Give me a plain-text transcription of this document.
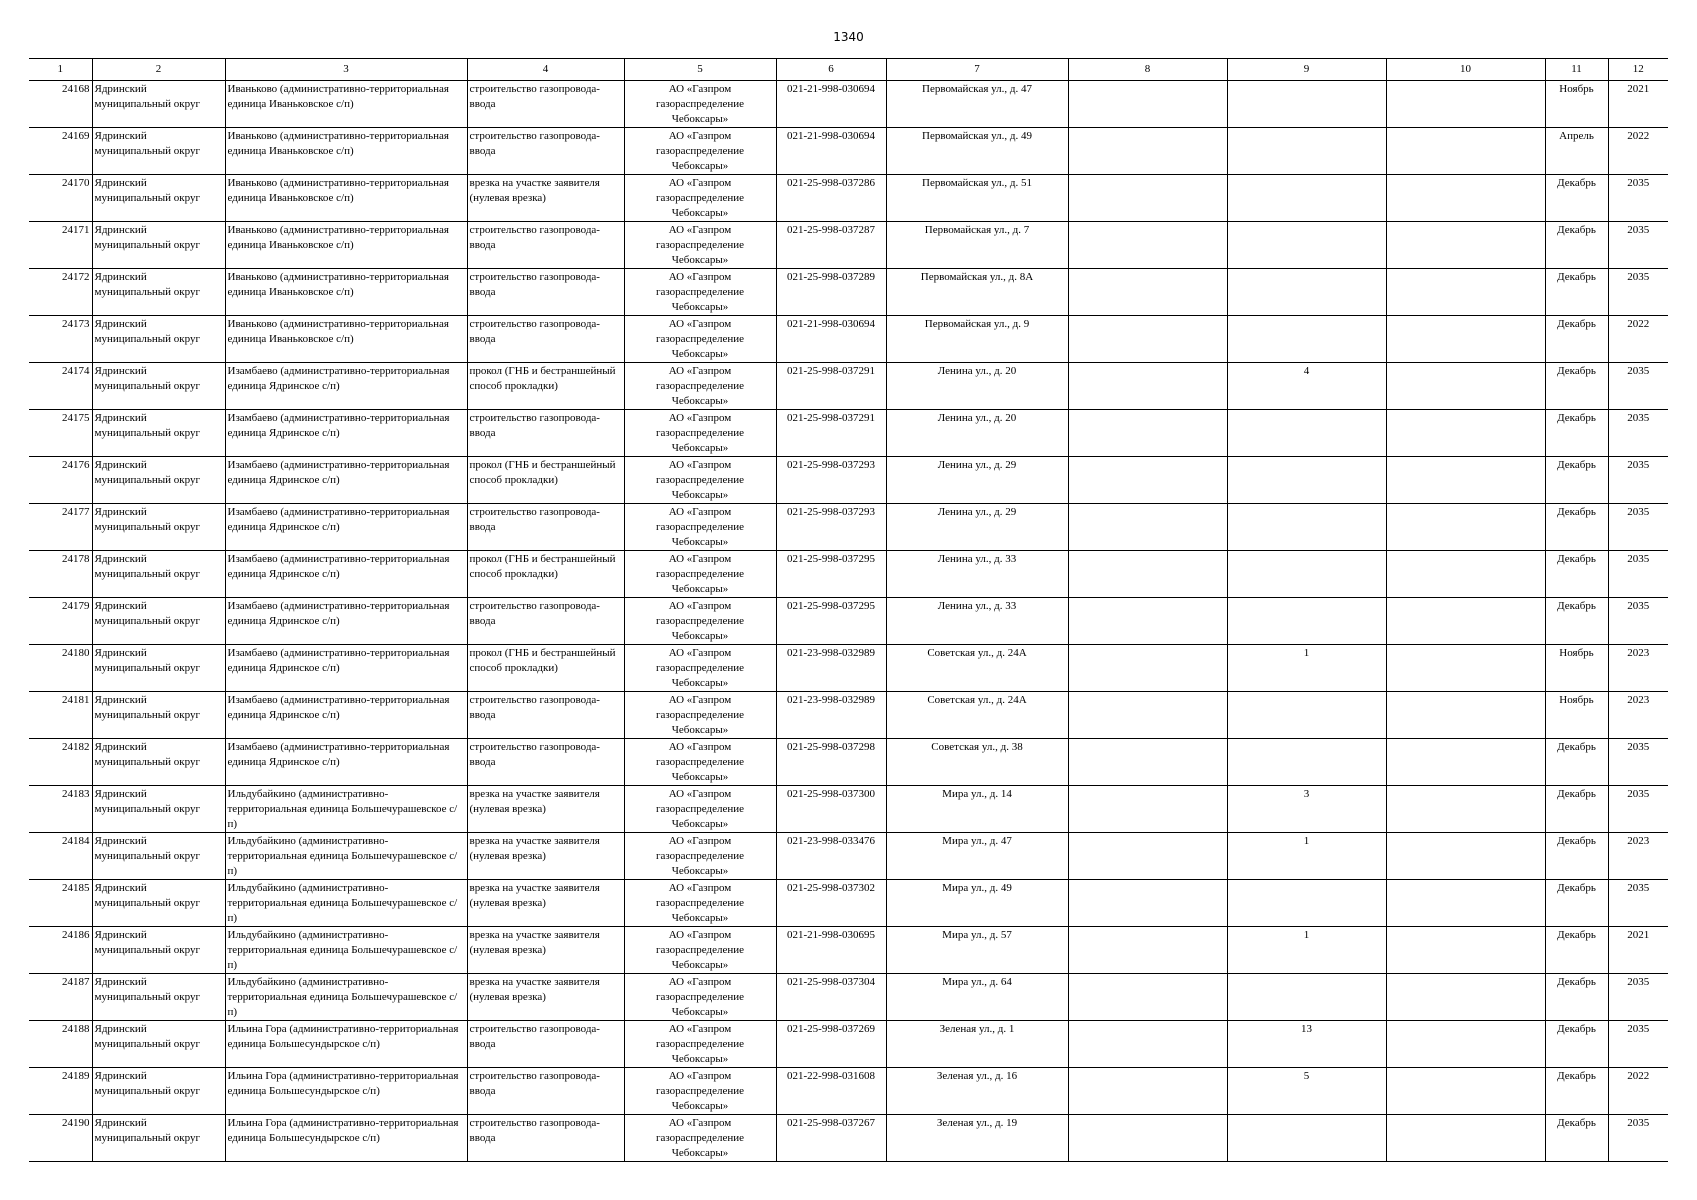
1340
1	2	3	4	5	6	7	8	9	10	11	12
24168	Ядринский муниципальный округ	Иваньково (административно-территориальная единица Иваньковское с/п)	строительство газопровода-ввода	АО «Газпром газораспределение Чебоксары»	021-21-998-030694	Первомайская ул., д. 47				Ноябрь	2021
24169	Ядринский муниципальный округ	Иваньково (административно-территориальная единица Иваньковское с/п)	строительство газопровода-ввода	АО «Газпром газораспределение Чебоксары»	021-21-998-030694	Первомайская ул., д. 49				Апрель	2022
24170	Ядринский муниципальный округ	Иваньково (административно-территориальная единица Иваньковское с/п)	врезка на участке заявителя (нулевая врезка)	АО «Газпром газораспределение Чебоксары»	021-25-998-037286	Первомайская ул., д. 51				Декабрь	2035
24171	Ядринский муниципальный округ	Иваньково (административно-территориальная единица Иваньковское с/п)	строительство газопровода-ввода	АО «Газпром газораспределение Чебоксары»	021-25-998-037287	Первомайская ул., д. 7				Декабрь	2035
24172	Ядринский муниципальный округ	Иваньково (административно-территориальная единица Иваньковское с/п)	строительство газопровода-ввода	АО «Газпром газораспределение Чебоксары»	021-25-998-037289	Первомайская ул., д. 8А				Декабрь	2035
24173	Ядринский муниципальный округ	Иваньково (административно-территориальная единица Иваньковское с/п)	строительство газопровода-ввода	АО «Газпром газораспределение Чебоксары»	021-21-998-030694	Первомайская ул., д. 9				Декабрь	2022
24174	Ядринский муниципальный округ	Изамбаево (административно-территориальная единица Ядринское с/п)	прокол (ГНБ и бестраншейный способ прокладки)	АО «Газпром газораспределение Чебоксары»	021-25-998-037291	Ленина ул., д. 20		4		Декабрь	2035
24175	Ядринский муниципальный округ	Изамбаево (административно-территориальная единица Ядринское с/п)	строительство газопровода-ввода	АО «Газпром газораспределение Чебоксары»	021-25-998-037291	Ленина ул., д. 20				Декабрь	2035
24176	Ядринский муниципальный округ	Изамбаево (административно-территориальная единица Ядринское с/п)	прокол (ГНБ и бестраншейный способ прокладки)	АО «Газпром газораспределение Чебоксары»	021-25-998-037293	Ленина ул., д. 29				Декабрь	2035
24177	Ядринский муниципальный округ	Изамбаево (административно-территориальная единица Ядринское с/п)	строительство газопровода-ввода	АО «Газпром газораспределение Чебоксары»	021-25-998-037293	Ленина ул., д. 29				Декабрь	2035
24178	Ядринский муниципальный округ	Изамбаево (административно-территориальная единица Ядринское с/п)	прокол (ГНБ и бестраншейный способ прокладки)	АО «Газпром газораспределение Чебоксары»	021-25-998-037295	Ленина ул., д. 33				Декабрь	2035
24179	Ядринский муниципальный округ	Изамбаево (административно-территориальная единица Ядринское с/п)	строительство газопровода-ввода	АО «Газпром газораспределение Чебоксары»	021-25-998-037295	Ленина ул., д. 33				Декабрь	2035
24180	Ядринский муниципальный округ	Изамбаево (административно-территориальная единица Ядринское с/п)	прокол (ГНБ и бестраншейный способ прокладки)	АО «Газпром газораспределение Чебоксары»	021-23-998-032989	Советская ул., д. 24А		1		Ноябрь	2023
24181	Ядринский муниципальный округ	Изамбаево (административно-территориальная единица Ядринское с/п)	строительство газопровода-ввода	АО «Газпром газораспределение Чебоксары»	021-23-998-032989	Советская ул., д. 24А				Ноябрь	2023
24182	Ядринский муниципальный округ	Изамбаево (административно-территориальная единица Ядринское с/п)	строительство газопровода-ввода	АО «Газпром газораспределение Чебоксары»	021-25-998-037298	Советская ул., д. 38				Декабрь	2035
24183	Ядринский муниципальный округ	Ильдубайкино (административно-территориальная единица Большечурашевское с/п)	врезка на участке заявителя (нулевая врезка)	АО «Газпром газораспределение Чебоксары»	021-25-998-037300	Мира ул., д. 14		3		Декабрь	2035
24184	Ядринский муниципальный округ	Ильдубайкино (административно-территориальная единица Большечурашевское с/п)	врезка на участке заявителя (нулевая врезка)	АО «Газпром газораспределение Чебоксары»	021-23-998-033476	Мира ул., д. 47		1		Декабрь	2023
24185	Ядринский муниципальный округ	Ильдубайкино (административно-территориальная единица Большечурашевское с/п)	врезка на участке заявителя (нулевая врезка)	АО «Газпром газораспределение Чебоксары»	021-25-998-037302	Мира ул., д. 49				Декабрь	2035
24186	Ядринский муниципальный округ	Ильдубайкино (административно-территориальная единица Большечурашевское с/п)	врезка на участке заявителя (нулевая врезка)	АО «Газпром газораспределение Чебоксары»	021-21-998-030695	Мира ул., д. 57		1		Декабрь	2021
24187	Ядринский муниципальный округ	Ильдубайкино (административно-территориальная единица Большечурашевское с/п)	врезка на участке заявителя (нулевая врезка)	АО «Газпром газораспределение Чебоксары»	021-25-998-037304	Мира ул., д. 64				Декабрь	2035
24188	Ядринский муниципальный округ	Ильина Гора (административно-территориальная единица Большесундырское с/п)	строительство газопровода-ввода	АО «Газпром газораспределение Чебоксары»	021-25-998-037269	Зеленая ул., д. 1		13		Декабрь	2035
24189	Ядринский муниципальный округ	Ильина Гора (административно-территориальная единица Большесундырское с/п)	строительство газопровода-ввода	АО «Газпром газораспределение Чебоксары»	021-22-998-031608	Зеленая ул., д. 16		5		Декабрь	2022
24190	Ядринский муниципальный округ	Ильина Гора (административно-территориальная единица Большесундырское с/п)	строительство газопровода-ввода	АО «Газпром газораспределение Чебоксары»	021-25-998-037267	Зеленая ул., д. 19				Декабрь	2035
